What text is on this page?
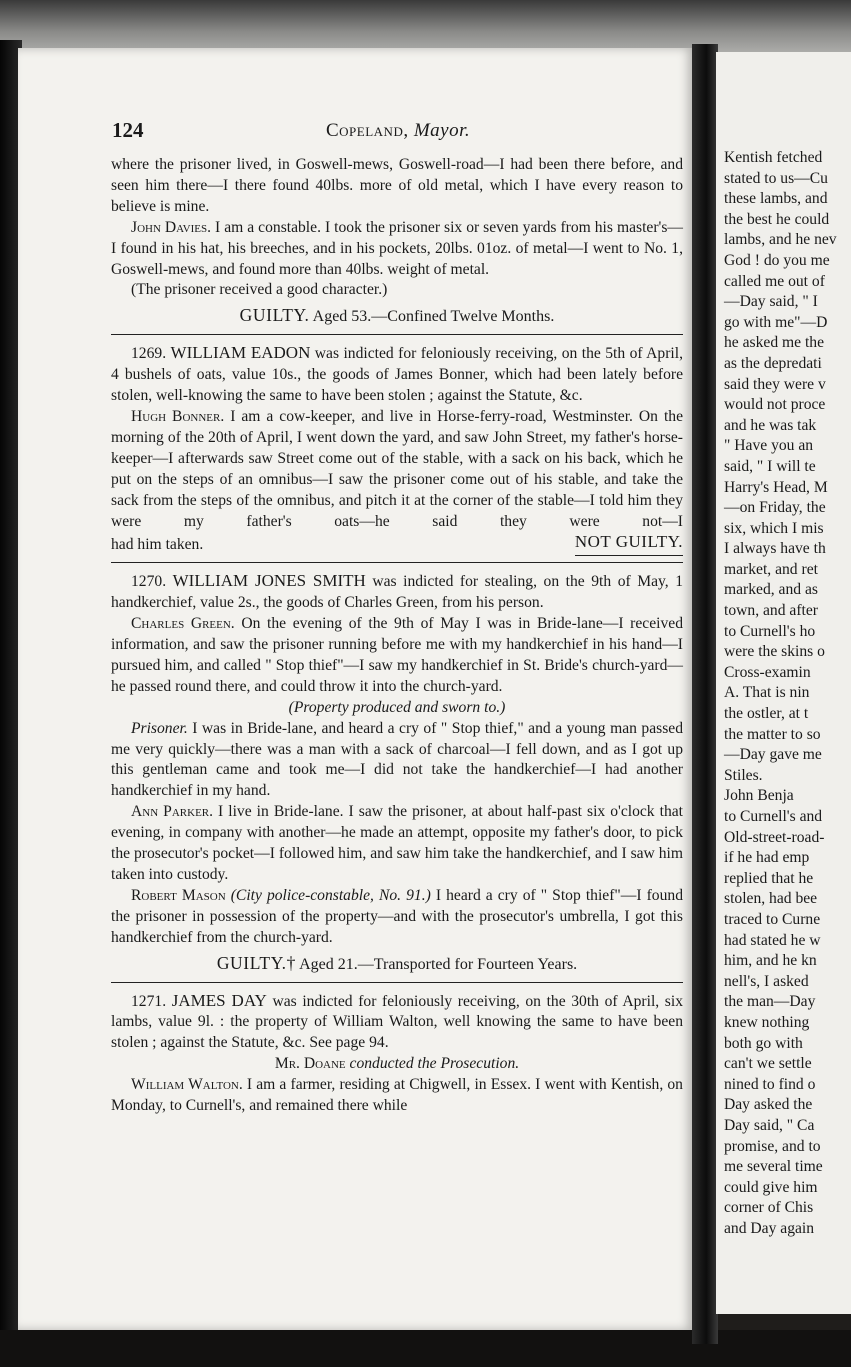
Kentish fetched
stated to us—Cu
these lambs, and
the best he could
lambs, and he nev
God ! do you me
called me out of
—Day said, " I
go with me"—D
he asked me the
as the depredati
said they were v
would not proce
and he was tak
" Have you an
said, " I will te
Harry's Head, M
—on Friday, the
six, which I mis
I always have th
market, and ret
marked, and as
town, and after
to Curnell's ho
were the skins o
Cross-examin
A. That is nin
the ostler, at t
the matter to so
—Day gave me
Stiles.
John Benja
to Curnell's and
Old-street-road-
if he had emp
replied that he
stolen, had bee
traced to Curne
had stated he w
him, and he kn
nell's, I asked
the man—Day
knew nothing
both go with
can't we settle
nined to find o
Day asked the
Day said, " Ca
promise, and to
me several time
could give him
corner of Chis
and Day again
124	Copeland, Mayor.

where the prisoner lived, in Goswell-mews, Goswell-road—I had been there before, and seen him there—I there found 40lbs. more of old metal, which I have every reason to believe is mine.

John Davies. I am a constable. I took the prisoner six or seven yards from his master's—I found in his hat, his breeches, and in his pockets, 20lbs. 01oz. of metal—I went to No. 1, Goswell-mews, and found more than 40lbs. weight of metal.

(The prisoner received a good character.)

GUILTY. Aged 53.—Confined Twelve Months.

1269. WILLIAM EADON was indicted for feloniously receiving, on the 5th of April, 4 bushels of oats, value 10s., the goods of James Bonner, which had been lately before stolen, well-knowing the same to have been stolen ; against the Statute, &c.

Hugh Bonner. I am a cow-keeper, and live in Horse-ferry-road, Westminster. On the morning of the 20th of April, I went down the yard, and saw John Street, my father's horse-keeper—I afterwards saw Street come out of the stable, with a sack on his back, which he put on the steps of an omnibus—I saw the prisoner come out of his stable, and take the sack from the steps of the omnibus, and pitch it at the corner of the stable—I told him they were my father's oats—he said they were not—I

had him taken.	NOT GUILTY.

1270. WILLIAM JONES SMITH was indicted for stealing, on the 9th of May, 1 handkerchief, value 2s., the goods of Charles Green, from his person.

Charles Green. On the evening of the 9th of May I was in Bride-lane—I received information, and saw the prisoner running before me with my handkerchief in his hand—I pursued him, and called " Stop thief"—I saw my handkerchief in St. Bride's church-yard—he passed round there, and could throw it into the church-yard.

(Property produced and sworn to.)

Prisoner. I was in Bride-lane, and heard a cry of " Stop thief," and a young man passed me very quickly—there was a man with a sack of charcoal—I fell down, and as I got up this gentleman came and took me—I did not take the handkerchief—I had another handkerchief in my hand.

Ann Parker. I live in Bride-lane. I saw the prisoner, at about half-past six o'clock that evening, in company with another—he made an attempt, opposite my father's door, to pick the prosecutor's pocket—I followed him, and saw him take the handkerchief, and I saw him taken into custody.

Robert Mason (City police-constable, No. 91.) I heard a cry of " Stop thief"—I found the prisoner in possession of the property—and with the prosecutor's umbrella, I got this handkerchief from the church-yard.

GUILTY.† Aged 21.—Transported for Fourteen Years.

1271. JAMES DAY was indicted for feloniously receiving, on the 30th of April, six lambs, value 9l. : the property of William Walton, well knowing the same to have been stolen ; against the Statute, &c. See page 94.

Mr. Doane conducted the Prosecution.

William Walton. I am a farmer, residing at Chigwell, in Essex. I went with Kentish, on Monday, to Curnell's, and remained there while
